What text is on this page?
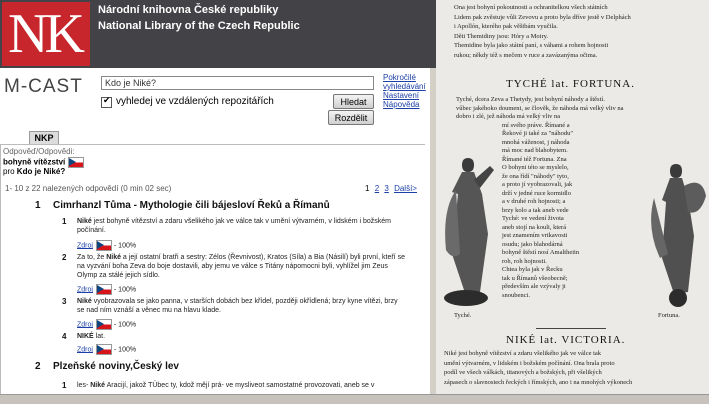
NK Národní knihovna České republiky
National Library of the Czech Republic
M-CAST
Kdo je Niké?	Pokročilé
vyhledávání
Nastavení
Nápověda
✔ vyhledej ve vzdálených repozitářích	Hledat
Rozdělit
NKP
Odpověď/Odpovědi:
bohyně vítězství
pro Kdo je Niké?
1- 10 z 22 nalezených odpovědí (0 min 02 sec)	1 2 3 Další>
1 Cimrhanzl Tůma - Mythologie čili bájesloví Řeků a Římanů
1 Niké jest bohyně vítězství a zdaru všelikého jak ve válce tak v umění výtvarném, v lidském i božském
počínání.
Zdroj	- 100%
2 Za to, že Niké a její ostatní bratři a sestry: Zélos (Řevnivost), Kratos (Síla) a Bia (Násilí) byli první, kteří se
na vyzvání boha Zeva do boje dostavili, aby jemu ve válce s Titány nápomocni byli, vyhlížel jim Zeus
Olymp za stálé jejich sídlo.
Zdroj	- 100%
3 Niké vyobrazovala se jako panna, v starších dobách bez křídel, později okřídlená; brzy kyne vítězi, brzy
se nad ním vznáší a věnec mu na hlavu klade.
Zdroj	- 100%
4 NIKÉ lat.
Zdroj	- 100%
2 Plzeňské noviny,Český lev
1 les- Niké Aracijí, jakož TÜbec ty, kdož mějí prá- ve mysliveot samostatné provozovati, aneb se v
Ona jest bohyní pokoutnosti a ochranitelkou všech státních
Lidem pak zvěstuje vůli Zevovu a proto byla dříve jestě v Delphách
i Apollón, kterého pak věštbám vyučila.
Děti Themidiny jsou: Hóry a Moiry.
Themidine byla jako státní paní, s váhami a rohem hojnosti
rukou; někdy též s mečem v ruce a zavázanýma očima.
TYCHÉ lat. FORTUNA.
Tyché, dcera Zeva a Thetydy, jest bohyní náhody a štěstí.
vůbec jakéhoko doumeni, se člověk, že náhoda má velký vliv na
dobro i zlé, jež náhoda má velký vliv na
mí svého práve. Římané a
Řekové ji také za "náhodu"
mnohá váženost, j náhoda
má moc nad blahobytem.
Římané též Fortuna. Zna
O bohyni této se myslelo,
že ona řídí "náhody" tyto,
a proto jí vyobrazovali, jak
drží v jedné ruce kormidlo
a v druhé roh hojnosti; a
brzy kolo a tak aneb vede
Tyché: ve vedení života
aneb stojí na kouli, která
jest znamením vrtkavosti
osudu; jako blahodárná
bohyně štěstí nosí Amaltheiin
roh, roh hojnosti.
Chtea byla jak v Řecku
tak u Římanů všeobecně;
především ale vzývaly ji
snoubenci.
Tyché.	Fortuna.
NIKÉ lat. VICTORIA.
Niké jest bohyně vítězství a zdaru všelikého jak ve válce tak
umění výtvarném, v lidském i božském počínání. Ona brala proto
podíl ve všech válkách, titanových a božských, při všelikých
zápasech o slavnostech řeckých i římských, ano i na mnohých výkonech
